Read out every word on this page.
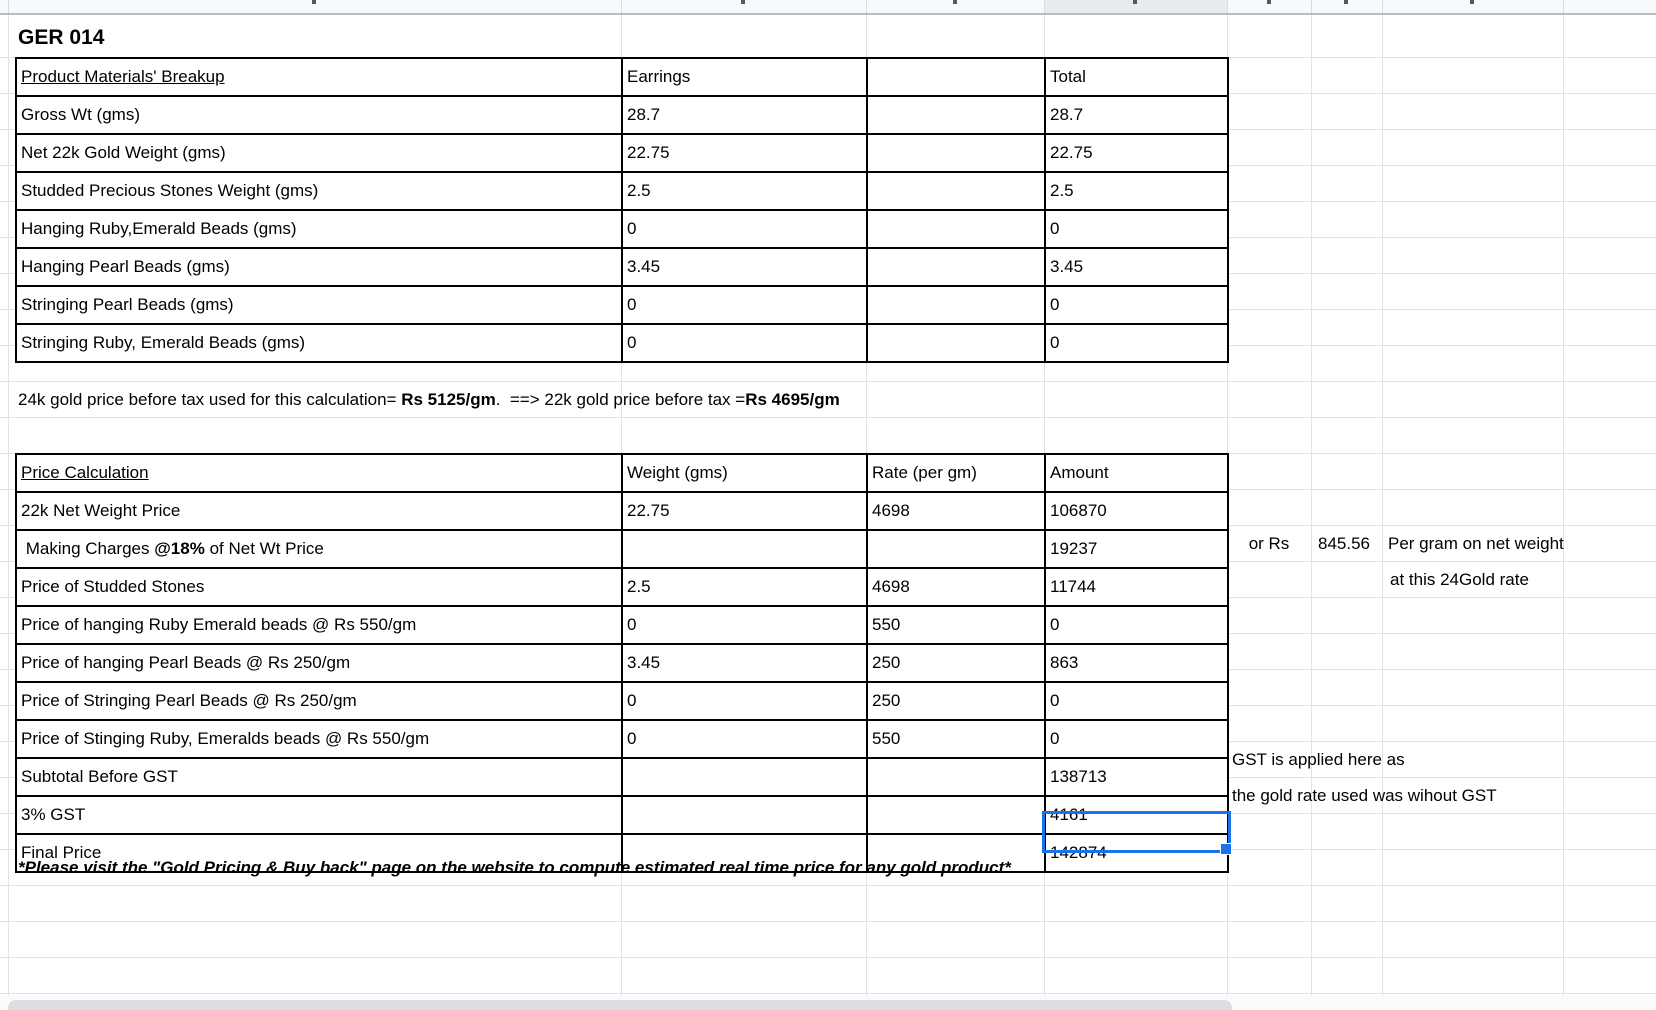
GER 014
Product Materials' Breakup	Earrings		Total
Gross Wt (gms)	28.7		28.7
Net 22k Gold Weight (gms)	22.75		22.75
Studded Precious Stones Weight (gms)	2.5		2.5
Hanging Ruby,Emerald Beads (gms)	0		0
Hanging Pearl Beads (gms)	3.45		3.45
Stringing Pearl Beads (gms)	0		0
Stringing Ruby, Emerald Beads (gms)	0		0
24k gold price before tax used for this calculation= Rs 5125/gm.  ==> 22k gold price before tax =Rs 4695/gm
Price Calculation	Weight (gms)	Rate (per gm)	Amount
22k Net Weight Price	22.75	4698	106870
Making Charges @18% of Net Wt Price			19237
Price of Studded Stones	2.5	4698	11744
Price of hanging Ruby Emerald beads @ Rs 550/gm	0	550	0
Price of hanging Pearl Beads @ Rs 250/gm	3.45	250	863
Price of Stringing Pearl Beads @ Rs 250/gm	0	250	0
Price of Stinging Ruby, Emeralds beads @ Rs 550/gm	0	550	0
Subtotal Before GST			138713
3% GST			4161
Final Price			142874
or Rs	845.56	Per gram on net weight
at this 24Gold rate
GST is applied here as
the gold rate used was wihout GST
*Please visit the "Gold Pricing & Buy back" page on the website to compute estimated real time price for any gold product*
